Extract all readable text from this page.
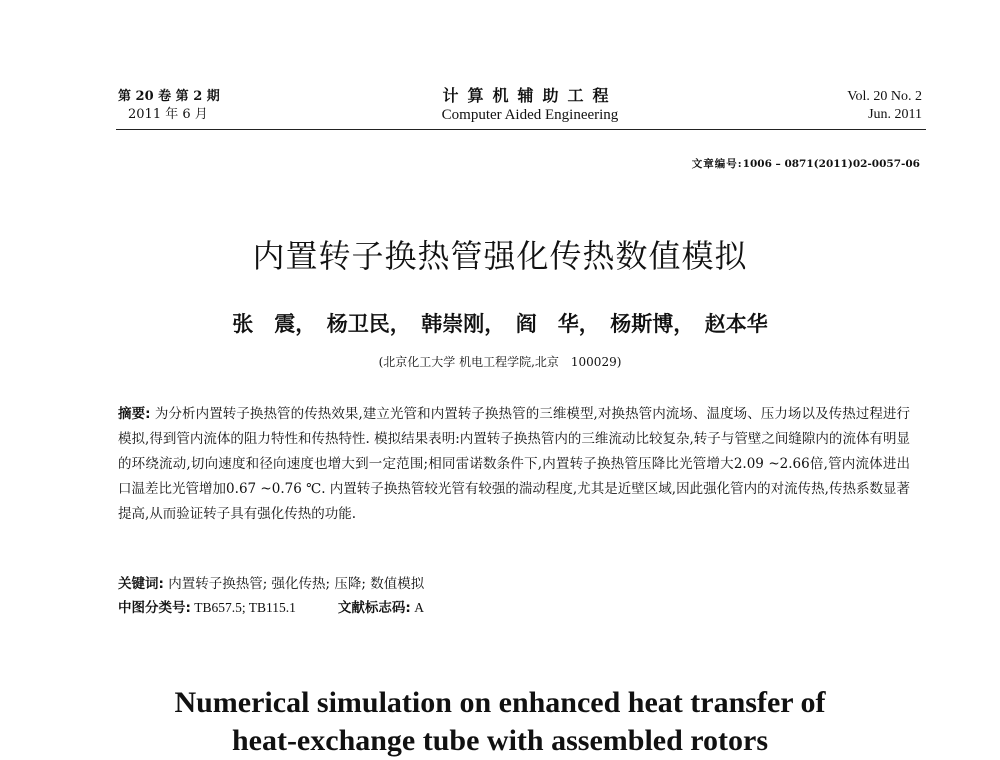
第 20 卷 第 2 期
2011 年 6 月
计算机辅助工程
Computer Aided Engineering
Vol. 20 No. 2
Jun. 2011
文章编号:1006 – 0871(2011)02-0057-06
内置转子换热管强化传热数值模拟
张　震，　杨卫民，　韩崇刚，　阎　华，　杨斯博，　赵本华
(北京化工大学 机电工程学院,北京　100029)
摘要: 为分析内置转子换热管的传热效果,建立光管和内置转子换热管的三维模型,对换热管内流场、温度场、压力场以及传热过程进行模拟,得到管内流体的阻力特性和传热特性. 模拟结果表明:内置转子换热管内的三维流动比较复杂,转子与管壁之间缝隙内的流体有明显的环绕流动,切向速度和径向速度也增大到一定范围;相同雷诺数条件下,内置转子换热管压降比光管增大2.09 ~2.66倍,管内流体进出口温差比光管增加0.67 ~0.76 ℃. 内置转子换热管较光管有较强的湍动程度,尤其是近壁区域,因此强化管内的对流传热,传热系数显著提高,从而验证转子具有强化传热的功能.
关键词: 内置转子换热管; 强化传热; 压降; 数值模拟
中图分类号: TB657.5; TB115.1	文献标志码: A
Numerical simulation on enhanced heat transfer of
heat-exchange tube with assembled rotors
